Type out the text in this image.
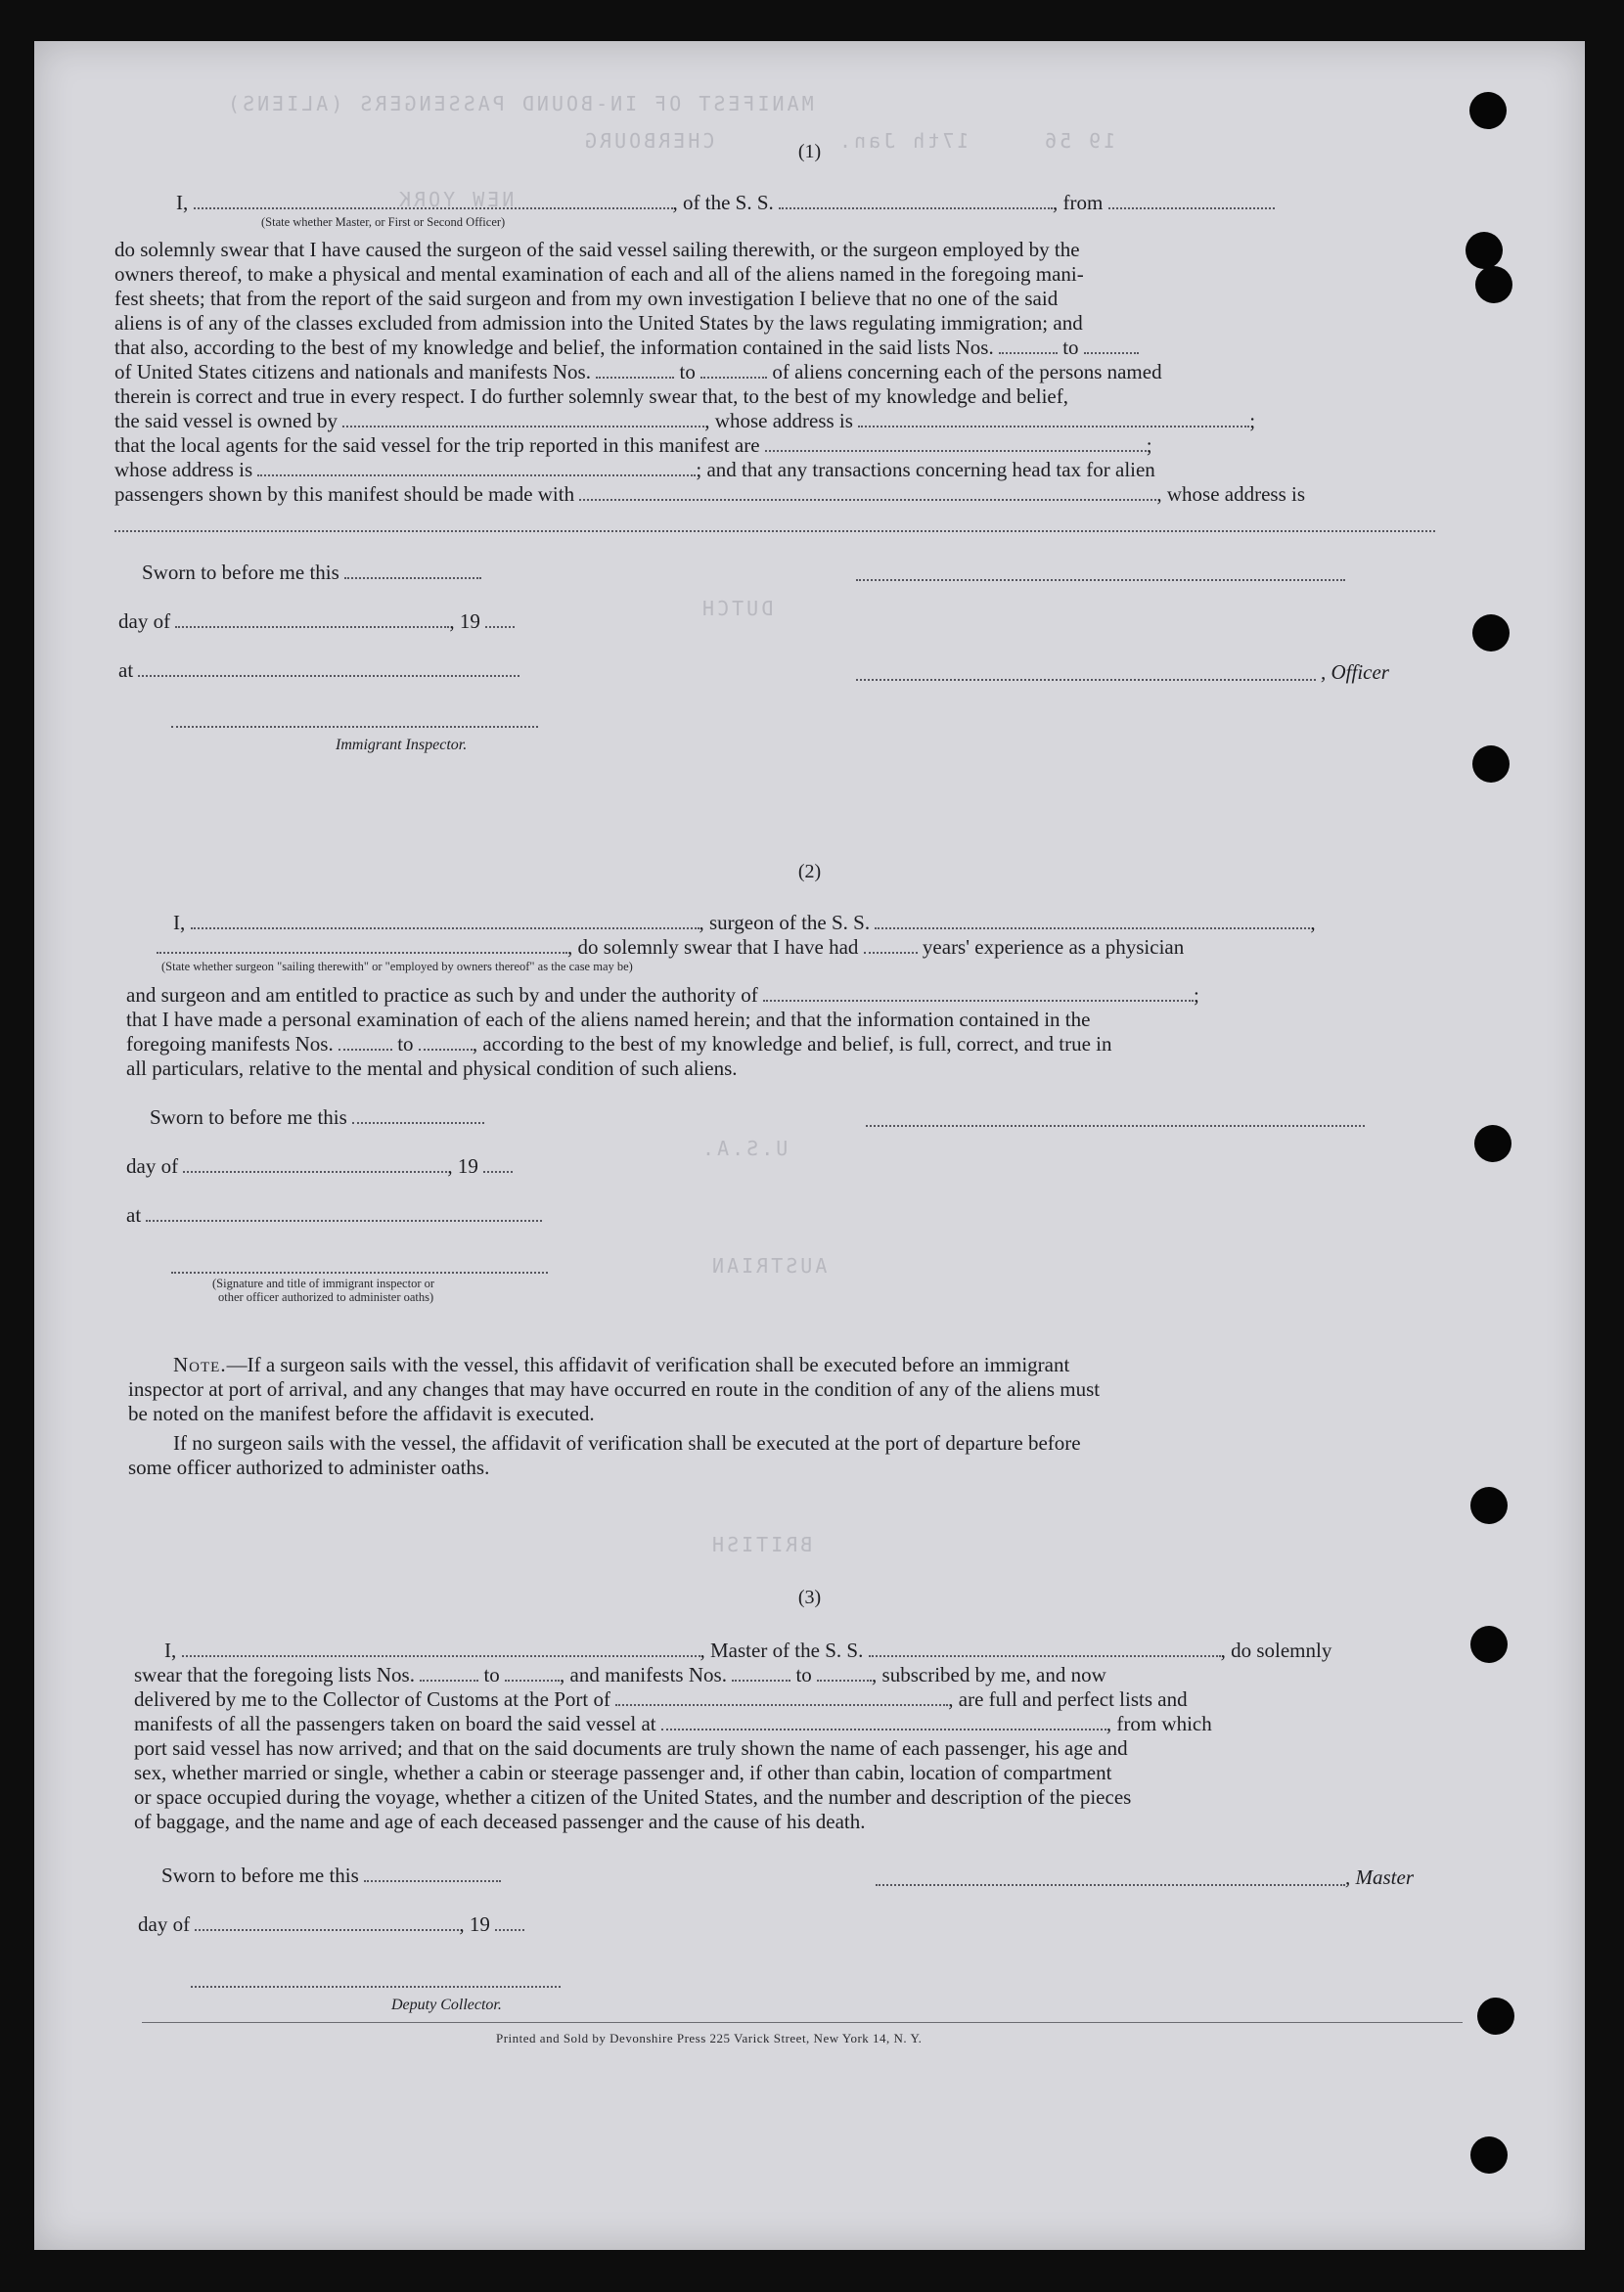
MANIFEST OF IN-BOUND PASSENGERS (ALIENS)
CHERBOURG	17th Jan.	19 56
NEW YORK
DUTCH
AUSTRIAN
U.S.A.
BRITISH
(1)
I,	, of the S. S.	, from
(State whether Master, or First or Second Officer)
do solemnly swear that I have caused the surgeon of the said vessel sailing therewith, or the surgeon employed by the
owners thereof, to make a physical and mental examination of each and all of the aliens named in the foregoing mani-
fest sheets; that from the report of the said surgeon and from my own investigation I believe that no one of the said
aliens is of any of the classes excluded from admission into the United States by the laws regulating immigration; and
that also, according to the best of my knowledge and belief, the information contained in the said lists Nos.	to
of United States citizens and nationals and manifests Nos.	to	of aliens concerning each of the persons named
therein is correct and true in every respect. I do further solemnly swear that, to the best of my knowledge and belief,
the said vessel is owned by	, whose address is	;
that the local agents for the said vessel for the trip reported in this manifest are	;
whose address is	; and that any transactions concerning head tax for alien
passengers shown by this manifest should be made with	, whose address is
Sworn to before me this
day of	, 19
at	, Officer
Immigrant Inspector.
(2)
I,	, surgeon of the S. S.	,
, do solemnly swear that I have had	years' experience as a physician
(State whether surgeon "sailing therewith" or "employed by owners thereof" as the case may be)
and surgeon and am entitled to practice as such by and under the authority of	;
that I have made a personal examination of each of the aliens named herein; and that the information contained in the
foregoing manifests Nos.	to	, according to the best of my knowledge and belief, is full, correct, and true in
all particulars, relative to the mental and physical condition of such aliens.
Sworn to before me this
day of	, 19
at
(Signature and title of immigrant inspector or
other officer authorized to administer oaths)
Note.—If a surgeon sails with the vessel, this affidavit of verification shall be executed before an immigrant
inspector at port of arrival, and any changes that may have occurred en route in the condition of any of the aliens must
be noted on the manifest before the affidavit is executed.
If no surgeon sails with the vessel, the affidavit of verification shall be executed at the port of departure before
some officer authorized to administer oaths.
(3)
I,	, Master of the S. S.	, do solemnly
swear that the foregoing lists Nos.	to	, and manifests Nos.	to	, subscribed by me, and now
delivered by me to the Collector of Customs at the Port of	, are full and perfect lists and
manifests of all the passengers taken on board the said vessel at	, from which
port said vessel has now arrived; and that on the said documents are truly shown the name of each passenger, his age and
sex, whether married or single, whether a cabin or steerage passenger and, if other than cabin, location of compartment
or space occupied during the voyage, whether a citizen of the United States, and the number and description of the pieces
of baggage, and the name and age of each deceased passenger and the cause of his death.
Sworn to before me this	, Master
day of	, 19
Deputy Collector.
Printed and Sold by Devonshire Press 225 Varick Street, New York 14, N. Y.
